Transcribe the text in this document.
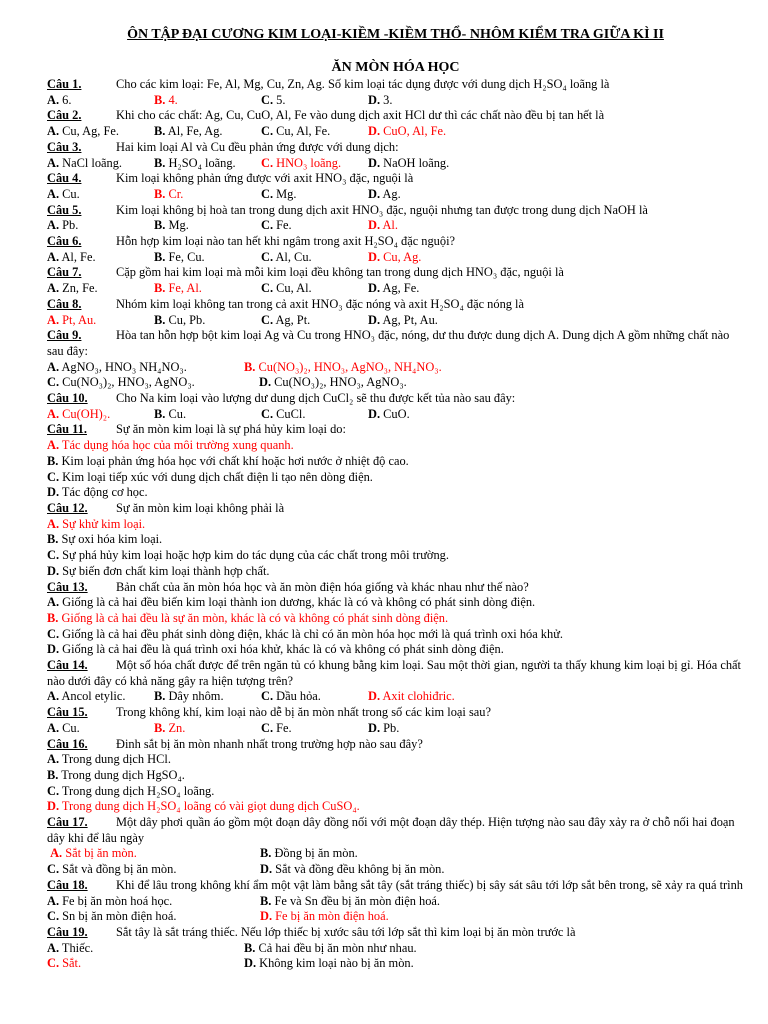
ÔN TẬP ĐẠI CƯƠNG KIM LOẠI-KIỀM -KIỀM THỔ- NHÔM KIỂM TRA GIỮA KÌ II
ĂN MÒN HÓA HỌC
Câu 1.	Cho các kim loại: Fe, Al, Mg, Cu, Zn, Ag. Số kim loại tác dụng được với dung dịch H₂SO₄ loãng là
A. 6.	B. 4.	C. 5.	D. 3.
Câu 2.	Khi cho các chất: Ag, Cu, CuO, Al, Fe vào dung dịch axit HCl dư thì các chất nào đều bị tan hết là
A. Cu, Ag, Fe.	B. Al, Fe, Ag.	C. Cu, Al, Fe.	D. CuO, Al, Fe.
Câu 3.	Hai kim loại Al và Cu đều phản ứng được với dung dịch:
A. NaCl loãng.	B. H₂SO₄ loãng. C. HNO₃ loãng. D. NaOH loãng.
Câu 4.	Kim loại không phản ứng được với axit HNO₃ đặc, nguội là
A. Cu.	B. Cr.	C. Mg.	D. Ag.
Câu 5.	Kim loại không bị hoà tan trong dung dịch axit HNO₃ đặc, nguội nhưng tan được trong dung dịch NaOH là
A. Pb.	B. Mg.	C. Fe.	D. Al.
Câu 6.	Hỗn hợp kim loại nào tan hết khi ngâm trong axit H₂SO₄ đặc nguội?
A. Al, Fe.	B. Fe, Cu.	C. Al, Cu.	D. Cu, Ag.
Câu 7.	Cặp gồm hai kim loại mà mỗi kim loại đều không tan trong dung dịch HNO₃ đặc, nguội là
A. Zn, Fe.	B. Fe, Al.	C. Cu, Al.	D. Ag, Fe.
Câu 8.	Nhóm kim loại không tan trong cả axit HNO₃ đặc nóng và axit H₂SO₄ đặc nóng là
A. Pt, Au.	B. Cu, Pb.	C. Ag, Pt.	D. Ag, Pt, Au.
Câu 9.	Hòa tan hỗn hợp bột kim loại Ag và Cu trong HNO₃ đặc, nóng, dư thu được dung dịch A. Dung dịch A gồm những chất nào sau đây:
A. AgNO₃, HNO₃ NH₄NO₃.	B. Cu(NO₃)₂, HNO₃, AgNO₃, NH₄NO₃.
C. Cu(NO₃)₂, HNO₃, AgNO₃.	D. Cu(NO₃)₂, HNO₃, AgNO₃.
Câu 10. Cho Na kim loại vào lượng dư dung dịch CuCl₂ sẽ thu được kết tủa nào sau đây:
A. Cu(OH)₂.	B. Cu.	C. CuCl.	D. CuO.
Câu 11. Sự ăn mòn kim loại là sự phá hủy kim loại do:
A. Tác dụng hóa học của môi trường xung quanh.
B. Kim loại phản ứng hóa học với chất khí hoặc hơi nước ở nhiệt độ cao.
C. Kim loại tiếp xúc với dung dịch chất điện li tạo nên dòng điện.
D. Tác động cơ học.
Câu 12. Sự ăn mòn kim loại không phải là
A. Sự khử kim loại.
B. Sự oxi hóa kim loại.
C. Sự phá hủy kim loại hoặc hợp kim do tác dụng của các chất trong môi trường.
D. Sự biến đơn chất kim loại thành hợp chất.
Câu 13. Bản chất của ăn mòn hóa học và ăn mòn điện hóa giống và khác nhau như thế nào?
A. Giống là cả hai đều biến kim loại thành ion dương, khác là có và không có phát sinh dòng điện.
B. Giống là cả hai đều là sự ăn mòn, khác là có và không có phát sinh dòng điện.
C. Giống là cả hai đều phát sinh dòng điện, khác là chỉ có ăn mòn hóa học mới là quá trình oxi hóa khử.
D. Giống là cả hai đều là quá trình oxi hóa khử, khác là có và không có phát sinh dòng điện.
Câu 14. Một số hóa chất được để trên ngăn tủ có khung bằng kim loại. Sau một thời gian, người ta thấy khung kim loại bị gỉ. Hóa chất nào dưới đây có khả năng gây ra hiện tượng trên?
A. Ancol etylic. B. Dây nhôm.	C. Dầu hỏa.	D. Axit clohiđric.
Câu 15. Trong không khí, kim loại nào dễ bị ăn mòn nhất trong số các kim loại sau?
A. Cu.	B. Zn.	C. Fe.	D. Pb.
Câu 16. Đinh sắt bị ăn mòn nhanh nhất trong trường hợp nào sau đây?
A. Trong dung dịch HCl.
B. Trong dung dịch HgSO₄.
C. Trong dung dịch H₂SO₄ loãng.
D. Trong dung dịch H₂SO₄ loãng có vài giọt dung dịch CuSO₄.
Câu 17. Một dây phơi quần áo gồm một đoạn dây đồng nối với một đoạn dây thép. Hiện tượng nào sau đây xảy ra ở chỗ nối hai đoạn dây khi để lâu ngày
A. Sắt bị ăn mòn.	B. Đồng bị ăn mòn.
C. Sắt và đồng bị ăn mòn.	D. Sắt và đồng đều không bị ăn mòn.
Câu 18. Khi để lâu trong không khí ẩm một vật làm bằng sắt tây (sắt tráng thiếc) bị sây sát sâu tới lớp sắt bên trong, sẽ xảy ra quá trình
A. Fe bị ăn mòn hoá học.	B. Fe và Sn đều bị ăn mòn điện hoá.
C. Sn bị ăn mòn điện hoá.	D. Fe bị ăn mòn điện hoá.
Câu 19. Sắt tây là sắt tráng thiếc. Nếu lớp thiếc bị xước sâu tới lớp sắt thì kim loại bị ăn mòn trước là
A. Thiếc.	B. Cả hai đều bị ăn mòn như nhau.
C. Sắt.	D. Không kim loại nào bị ăn mòn.
